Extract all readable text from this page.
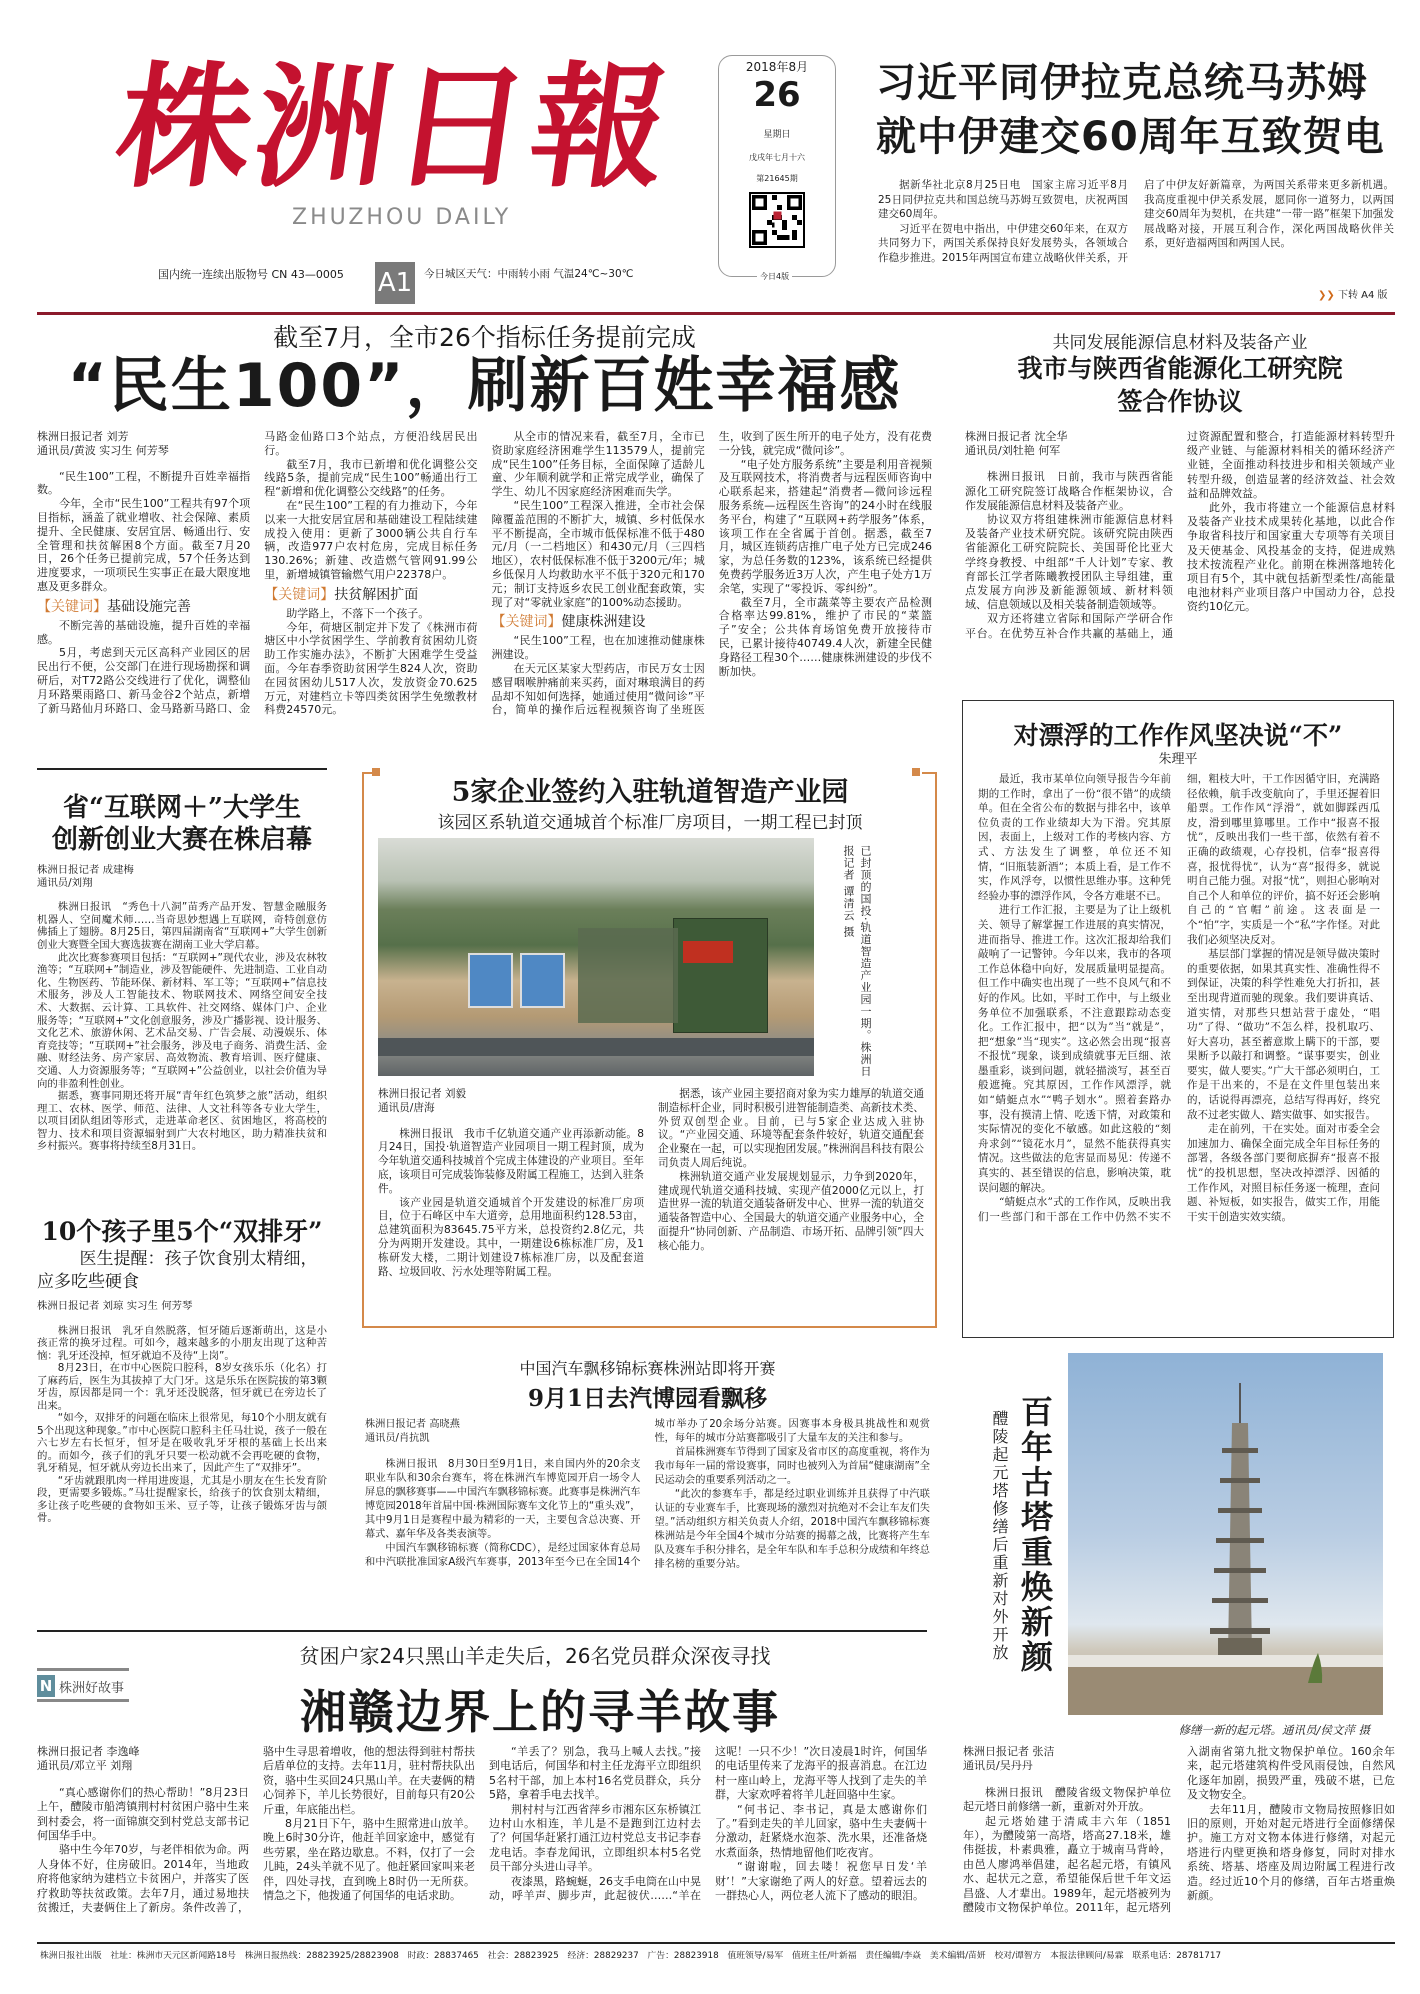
株洲日報
ZHUZHOU DAILY
国内统一连续出版物号 CN 43—0005 A1 今日城区天气：中雨转小雨 气温24℃~30℃
2018年8月
26
星期日
戊戌年七月十六
第21645期
今日4版
习近平同伊拉克总统马苏姆
就中伊建交60周年互致贺电

据新华社北京8月25日电　国家主席习近平8月25日同伊拉克共和国总统马苏姆互致贺电，庆祝两国建交60周年。

习近平在贺电中指出，中伊建交60年来，在双方共同努力下，两国关系保持良好发展势头，各领域合作稳步推进。2015年两国宣布建立战略伙伴关系，开启了中伊友好新篇章，为两国关系带来更多新机遇。我高度重视中伊关系发展，愿同你一道努力，以两国建交60周年为契机，在共建“一带一路”框架下加强发展战略对接，开展互利合作，深化两国战略伙伴关系，更好造福两国和两国人民。

❯❯ 下转 A4 版
截至7月，全市26个指标任务提前完成
“民生100”，刷新百姓幸福感

株洲日报记者 刘芳

通讯员/黄波 实习生 何芳琴

“民生100”工程，不断提升百姓幸福指数。

今年，全市“民生100”工程共有97个项目指标，涵盖了就业增收、社会保障、素质提升、全民健康、安居宜居、畅通出行、安全管理和扶贫解困8个方面。截至7月20日，26个任务已提前完成，57个任务达到进度要求，一项项民生实事正在最大限度地惠及更多群众。

【关键词】基础设施完善

不断完善的基础设施，提升百姓的幸福感。

5月，考虑到天元区高科产业园区的居民出行不便，公交部门在进行现场勘探和调研后，对T72路公交线进行了优化，调整仙月环路栗雨路口、新马金谷2个站点，新增了新马路仙月环路口、金马路新马路口、金马路金仙路口3个站点，方便沿线居民出行。

截至7月，我市已新增和优化调整公交线路5条，提前完成“民生100”畅通出行工程“新增和优化调整公交线路”的任务。

在“民生100”工程的有力推动下，今年以来一大批安居宜居和基础建设工程陆续建成投入使用：更新了3000辆公共自行车辆，改造977户农村危房，完成目标任务130.26%；新建、改造燃气管网91.99公里，新增城镇管输燃气用户22378户。

【关键词】扶贫解困扩面

助学路上，不落下一个孩子。

今年，荷塘区制定并下发了《株洲市荷塘区中小学贫困学生、学前教育贫困幼儿资助工作实施办法》，不断扩大困难学生受益面。今年春季资助贫困学生824人次，资助在园贫困幼儿517人次，发放资金70.625万元，对建档立卡等四类贫困学生免缴教材科费24570元。

从全市的情况来看，截至7月，全市已资助家庭经济困难学生113579人，提前完成“民生100”任务目标，全面保障了适龄儿童、少年顺利就学和正常完成学业，确保了学生、幼儿不因家庭经济困难而失学。

“民生100”工程深入推进，全市社会保障覆盖范围的不断扩大，城镇、乡村低保水平不断提高，全市城市低保标准不低于480元/月（一二档地区）和430元/月（三四档地区），农村低保标准不低于3200元/年；城乡低保月人均救助水平不低于320元和170元；制订支持返乡农民工创业配套政策，实现了对“零就业家庭”的100%动态援助。

【关键词】健康株洲建设

“民生100”工程，也在加速推动健康株洲建设。

在天元区某家大型药店，市民万女士因感冒咽喉肿痛前来买药，面对琳琅满目的药品却不知如何选择，她通过使用“微问诊”平台，简单的操作后远程视频咨询了坐班医生，收到了医生所开的电子处方，没有花费一分钱，就完成“微问诊”。

“电子处方服务系统”主要是利用音视频及互联网技术，将消费者与远程医师咨询中心联系起来，搭建起“消费者—微问诊远程服务系统—远程医生咨询”的24小时在线服务平台，构建了“互联网+药学服务”体系，该项工作在全省属于首创。据悉，截至7月，城区连锁药店推广电子处方已完成246家，为总任务数的123%，该系统已经提供免费药学服务近3万人次，产生电子处方1万余笔，实现了“零投诉、零纠纷”。

截至7月，全市蔬菜等主要农产品检测合格率达99.81%，维护了市民的“菜篮子”安全；公共体育场馆免费开放接待市民，已累计接待40749.4人次，新建全民健身路径工程30个……健康株洲建设的步伐不断加快。

共同发展能源信息材料及装备产业
我市与陕西省能源化工研究院
签合作协议

株洲日报记者 沈全华

通讯员/刘牡艳 何军

株洲日报讯　日前，我市与陕西省能源化工研究院签订战略合作框架协议，合作发展能源信息材料及装备产业。

协议双方将组建株洲市能源信息材料及装备产业技术研究院。该研究院由陕西省能源化工研究院院长、美国哥伦比亚大学终身教授、中组部“千人计划”专家、教育部长江学者陈曦教授团队主导组建，重点发展方向涉及新能源领域、新材料领域、信息领域以及相关装备制造领域等。

双方还将建立省际和国际产学研合作平台。在优势互补合作共赢的基础上，通过资源配置和整合，打造能源材料转型升级产业链、与能源材料相关的循环经济产业链，全面推动科技进步和相关领域产业转型升级，创造显著的经济效益、社会效益和品牌效益。

此外，我市将建立一个能源信息材料及装备产业技术成果转化基地，以此合作争取省科技厅和国家重大专项等有关项目及天使基金、风投基金的支持，促进成熟技术按流程产业化。前期在株洲落地转化项目有5个，其中就包括新型柔性/高能量电池材料产业项目落户中国动力谷，总投资约10亿元。

对漂浮的工作作风坚决说“不”
朱理平

最近，我市某单位向领导报告今年前期的工作时，拿出了一份“很不错”的成绩单。但在全省公布的数据与排名中，该单位负责的工作业绩却大为下滑。究其原因，表面上，上级对工作的考核内容、方式、方法发生了调整，单位还不知情，“旧瓶装新酒”；本质上看，是工作不实，作风浮夸，以惯性思维办事。这种凭经验办事的漂浮作风，令各方难堪不已。

进行工作汇报，主要是为了让上级机关、领导了解掌握工作进展的真实情况，进而指导、推进工作。这次汇报却给我们敲响了一记警钟。今年以来，我市的各项工作总体稳中向好，发展质量明显提高。但工作中确实也出现了一些不良风气和不好的作风。比如，平时工作中，与上级业务单位不加强联系，不注意跟踪动态变化。工作汇报中，把“以为”当“就是”，把“想象”当“现实”。这必然会出现“报喜不报忧”现象，谈到成绩就事无巨细、浓墨重彩，谈到问题，就轻描淡写，甚至百般遮掩。究其原因，工作作风漂浮，就如“蜻蜓点水”“鸭子划水”。照着套路办事，没有摸清上情、吃透下情，对政策和实际情况的变化不敏感。如此这般的“刻舟求剑”“镜花水月”，显然不能获得真实情况。这些做法的危害显而易见：传递不真实的、甚至错误的信息，影响决策，耽误问题的解决。

“蜻蜓点水”式的工作作风，反映出我们一些部门和干部在工作中仍然不实不细，粗枝大叶，干工作因循守旧，充满路径依赖，航手改变航向了，手里还握着旧船票。工作作风“浮滑”，就如脚踩西瓜皮，滑到哪里算哪里。工作中“报喜不报忧”，反映出我们一些干部，依然有着不正确的政绩观，心存投机，信奉“报喜得喜，报忧得忧”，认为“喜”报得多，就说明自己能力强。对报“忧”，则担心影响对自己个人和单位的评价，搞不好还会影响自己的“官帽”前途。这表面是一个“怕”字，实质是一个“私”字作怪。对此我们必须坚决反对。

基层部门掌握的情况是领导做决策时的重要依据，如果其真实性、准确性得不到保证，决策的科学性难免大打折扣，甚至出现背道而驰的现象。我们要讲真话、道实情，对那些只想站营于虚处，“唱功”了得、“做功”不怎么样，投机取巧、好大喜功，甚至蓄意欺上瞒下的干部，要果断予以敲打和调整。“谋事要实，创业要实，做人要实。”广大干部必须明白，工作是干出来的，不是在文件里包装出来的，话说得再漂亮，总结写得再好，终究敌不过老实做人、踏实做事、如实报告。

走在前列，干在实处。面对市委全会加速加力、确保全面完成全年目标任务的部署，各级各部门要彻底摒弃“报喜不报忧”的投机思想，坚决改掉漂浮、因循的工作作风，对照目标任务逐一梳理，查问题、补短板，如实报告，做实工作，用能干实干创造实效实绩。

省“互联网＋”大学生
创新创业大赛在株启幕

株洲日报记者 成建梅

通讯员/刘翔

株洲日报讯　“秀色十八洞”苗秀产品开发、智慧金融服务机器人、空间魔术师……当奇思妙想遇上互联网，奇特创意仿佛插上了翅膀。8月25日，第四届湖南省“互联网+”大学生创新创业大赛暨全国大赛选拔赛在湖南工业大学启幕。

此次比赛参赛项目包括：“互联网+”现代农业，涉及农林牧渔等；“互联网+”制造业，涉及智能硬件、先进制造、工业自动化、生物医药、节能环保、新材料、军工等；“互联网+”信息技术服务，涉及人工智能技术、物联网技术、网络空间安全技术、大数据、云计算、工具软件、社交网络、媒体门户、企业服务等；“互联网+”文化创意服务，涉及广播影视、设计服务、文化艺术、旅游休闲、艺术品交易、广告会展、动漫娱乐、体育竞技等；“互联网+”社会服务，涉及电子商务、消费生活、金融、财经法务、房产家居、高效物流、教育培训、医疗健康、交通、人力资源服务等；“互联网+”公益创业，以社会价值为导向的非盈利性创业。

据悉，赛事同期还将开展“青年红色筑梦之旅”活动，组织理工、农林、医学、师范、法律、人文社科等各专业大学生，以项目团队组团等形式，走进革命老区、贫困地区，将高校的智力、技术和项目资源辐射到广大农村地区，助力精准扶贫和乡村振兴。赛事将持续至8月31日。

10个孩子里5个“双排牙”
医生提醒：孩子饮食别太精细，应多吃些硬食

株洲日报记者 刘琼 实习生 何芳琴

株洲日报讯　乳牙自然脱落，恒牙随后逐渐萌出，这是小孩正常的换牙过程。可如今，越来越多的小朋友出现了这种苦恼：乳牙还没掉，恒牙就迫不及待“上岗”。

8月23日，在市中心医院口腔科，8岁女孩乐乐（化名）打了麻药后，医生为其拔掉了大门牙。这是乐乐在医院拔的第3颗牙齿，原因都是同一个：乳牙还没脱落，恒牙就已在旁边长了出来。

“如今，双排牙的问题在临床上很常见，每10个小朋友就有5个出现这种现象。”市中心医院口腔科主任马壮说，孩子一般在六七岁左右长恒牙，恒牙是在吸收乳牙牙根的基础上长出来的。而如今，孩子们的乳牙只要一松动就不会再吃硬的食物，乳牙稍晃，恒牙就从旁边长出来了，因此产生了“双排牙”。

“牙齿就跟肌肉一样用进废退，尤其是小朋友在生长发育阶段，更需要多锻炼。”马壮提醒家长，给孩子的饮食别太精细，多让孩子吃些硬的食物如玉米、豆子等，让孩子锻炼牙齿与颌骨。

5家企业签约入驻轨道智造产业园
该园区系轨道交通城首个标准厂房项目，一期工程已封顶
已封顶的国投·轨道智造产业园一期。株洲日报记者 谭清云 摄

株洲日报记者 刘毅

通讯员/唐海

株洲日报讯　我市千亿轨道交通产业再添新动能。8月24日，国投·轨道智造产业园项目一期工程封顶，成为今年轨道交通科技城首个完成主体建设的产业项目。至年底，该项目可完成装饰装修及附属工程施工，达到入驻条件。

该产业园是轨道交通城首个开发建设的标准厂房项目，位于石峰区中车大道旁，总用地面积约128.53亩，总建筑面积为83645.75平方米，总投资约2.8亿元，共分为两期开发建设。其中，一期建设6栋标准厂房，及1栋研发大楼，二期计划建设7栋标准厂房，以及配套道路、垃圾回收、污水处理等附属工程。

据悉，该产业园主要招商对象为实力雄厚的轨道交通制造标杆企业，同时积极引进智能制造类、高新技术类、外贸双创型企业。目前，已与5家企业达成入驻协议。“产业园交通、环境等配套条件较好，轨道交通配套企业聚在一起，可以实现抱团发展。”株洲润昌科技有限公司负责人周后纯说。

株洲轨道交通产业发展规划显示，力争到2020年，建成现代轨道交通科技城、实现产值2000亿元以上，打造世界一流的轨道交通装备研发中心、世界一流的轨道交通装备智造中心、全国最大的轨道交通产业服务中心，全面提升“协同创新、产品制造、市场开拓、品牌引领”四大核心能力。

中国汽车飘移锦标赛株洲站即将开赛
9月1日去汽博园看飘移

株洲日报记者 高晓燕

通讯员/肖抗凯

株洲日报讯　8月30日至9月1日，来自国内外的20余支职业车队和30余台赛车，将在株洲汽车博览园开启一场令人屏息的飘移赛事——中国汽车飘移锦标赛。此赛事是株洲汽车博览园2018年首届中国·株洲国际赛车文化节上的“重头戏”，其中9月1日是赛程中最为精彩的一天，主要包含总决赛、开幕式、嘉年华及各类表演等。

中国汽车飘移锦标赛（简称CDC），是经过国家体育总局和中汽联批准国家A级汽车赛事，2013年至今已在全国14个城市举办了20余场分站赛。因赛事本身极具挑战性和观赏性，每年的城市分站赛都吸引了大量车友的关注和参与。

首届株洲赛车节得到了国家及省市区的高度重视，将作为我市每年一届的常设赛事，同时也被列入为首届“健康湖南”全民运动会的重要系列活动之一。

“此次的参赛车手，都是经过职业训练并且获得了中汽联认证的专业赛车手，比赛现场的激烈对抗绝对不会让车友们失望。”活动组织方相关负责人介绍，2018中国汽车飘移锦标赛株洲站是今年全国4个城市分站赛的揭幕之战，比赛将产生车队及赛车手积分排名，是全年车队和车手总积分成绩和年终总排名榜的重要分站。	醴陵起元塔修缮后重新对外开放 百年古塔重焕新颜
修缮一新的起元塔。通讯员/侯文萍 摄

株洲日报记者 张洁

通讯员/吴丹丹

株洲日报讯　醴陵省级文物保护单位起元塔日前修缮一新，重新对外开放。

起元塔始建于清咸丰六年（1851年），为醴陵第一高塔，塔高27.18米，雄伟挺拔，朴素典雅，矗立于城南马背岭，由邑人廖鸿举倡建，起名起元塔，有镇风水、起状元之意，希望能保后世千年文运昌盛、人才辈出。1989年，起元塔被列为醴陵市文物保护单位。2011年，起元塔列入湖南省第九批文物保护单位。160余年来，起元塔建筑构件受风雨侵蚀，自然风化逐年加剧，损毁严重，残破不堪，已危及文物安全。

去年11月，醴陵市文物局按照修旧如旧的原则，开始对起元塔进行全面修缮保护。施工方对文物本体进行修缮，对起元塔进行内壁更换和塔身修复，同时对排水系统、塔基、塔座及周边附属工程进行改造。经过近10个月的修缮，百年古塔重焕新颜。

贫困户家24只黑山羊走失后，26名党员群众深夜寻找
N 株洲好故事	湘赣边界上的寻羊故事

株洲日报记者 李逸峰

通讯员/邓立平 刘翔

“真心感谢你们的热心帮助！”8月23日上午，醴陵市船湾镇荆村村贫困户骆中生来到村委会，将一面锦旗交到村党总支部书记何国华手中。

骆中生今年70岁，与老伴相依为命。两人身体不好，住房破旧。2014年，当地政府将他家纳为建档立卡贫困户，并落实了医疗救助等扶贫政策。去年7月，通过易地扶贫搬迁，夫妻俩住上了新房。条件改善了，骆中生寻思着增收，他的想法得到驻村帮扶后盾单位的支持。去年11月，驻村帮扶队出资，骆中生买回24只黑山羊。在夫妻俩的精心饲养下，羊儿长势很好，目前每只有20公斤重，年底能出栏。

8月21日下午，骆中生照常进山放羊。晚上6时30分许，他赶羊回家途中，感觉有些劳累，坐在路边歇息。不料，仅打了一会儿盹，24头羊就不见了。他赶紧回家叫来老伴，四处寻找，直到晚上8时仍一无所获。情急之下，他拨通了何国华的电话求助。

“羊丢了？别急，我马上喊人去找。”接到电话后，何国华和村主任龙海平立即组织5名村干部，加上本村16名党员群众，兵分5路，拿着手电去找羊。

荆村村与江西省萍乡市湘东区东桥镇江边村山水相连，羊儿是不是跑到江边村去了？何国华赶紧打通江边村党总支书记李春龙电话。李春龙闻讯，立即组织本村5名党员干部分头进山寻羊。

夜漆黑，路蜿蜒，26支手电筒在山中晃动，呼羊声、脚步声，此起彼伏……“羊在这呢！一只不少！”次日凌晨1时许，何国华的电话里传来了龙海平的报喜消息。在江边村一座山岭上，龙海平等人找到了走失的羊群，大家欢呼着将羊儿赶回骆中生家。

“何书记、李书记，真是太感谢你们了。”看到走失的羊儿回家，骆中生夫妻俩十分激动，赶紧烧水泡茶、洗水果，还准备烧水煮面条，热情地留他们吃夜宵。

“谢谢啦，回去喽！祝您早日发‘羊财’！”大家谢绝了两人的好意。望着远去的一群热心人，两位老人流下了感动的眼泪。

株洲日报社出版　社址：株洲市天元区新闻路18号　株洲日报热线：28823925/28823908　时政：28837465　社会：28823925　经济：28829237　广告：28823918　值班领导/易军　值班主任/叶新福　责任编辑/李焱　美术编辑/苗妍　校对/谭智方　本报法律顾问/易霖　联系电话：28781717
